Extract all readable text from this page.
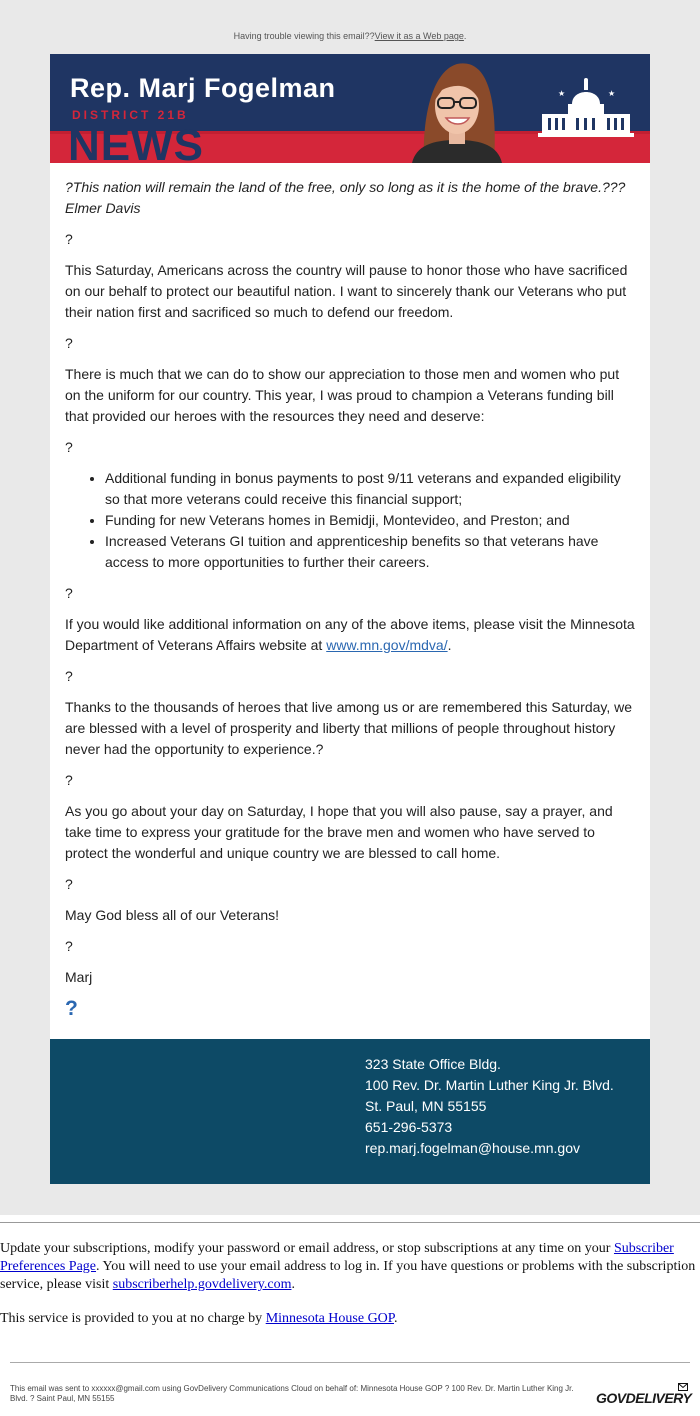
Having trouble viewing this email??View it as a Web page.
NEWS
Rep. Marj Fogelman
DISTRICT 21B
★	★

?This nation will remain the land of the free, only so long as it is the home of the brave.??? Elmer Davis

?

This Saturday, Americans across the country will pause to honor those who have sacrificed on our behalf to protect our beautiful nation. I want to sincerely thank our Veterans who put their nation first and sacrificed so much to defend our freedom.

?

There is much that we can do to show our appreciation to those men and women who put on the uniform for our country. This year, I was proud to champion a Veterans funding bill that provided our heroes with the resources they need and deserve:

?

• Additional funding in bonus payments to post 9/11 veterans and expanded eligibility so that more veterans could receive this financial support;
• Funding for new Veterans homes in Bemidji, Montevideo, and Preston; and
• Increased Veterans GI tuition and apprenticeship benefits so that veterans have access to more opportunities to further their careers.

?

If you would like additional information on any of the above items, please visit the Minnesota Department of Veterans Affairs website at www.mn.gov/mdva/.

?

Thanks to the thousands of heroes that live among us or are remembered this Saturday, we are blessed with a level of prosperity and liberty that millions of people throughout history never had the opportunity to experience.?

?

As you go about your day on Saturday, I hope that you will also pause, say a prayer, and take time to express your gratitude for the brave men and women who have served to protect the wonderful and unique country we are blessed to call home.

?

May God bless all of our Veterans!

?

Marj

?
323 State Office Bldg.
100 Rev. Dr. Martin Luther King Jr. Blvd.
St. Paul, MN 55155
651-296-5373
rep.marj.fogelman@house.mn.gov

Update your subscriptions, modify your password or email address, or stop subscriptions at any time on your Subscriber Preferences Page. You will need to use your email address to log in. If you have questions or problems with the subscription service, please visit subscriberhelp.govdelivery.com.

This service is provided to you at no charge by Minnesota House GOP.

This email was sent to xxxxxx@gmail.com using GovDelivery Communications Cloud on behalf of: Minnesota House GOP ? 100 Rev. Dr. Martin Luther King Jr. Blvd. ? Saint Paul, MN 55155	GOVDELIVERY
